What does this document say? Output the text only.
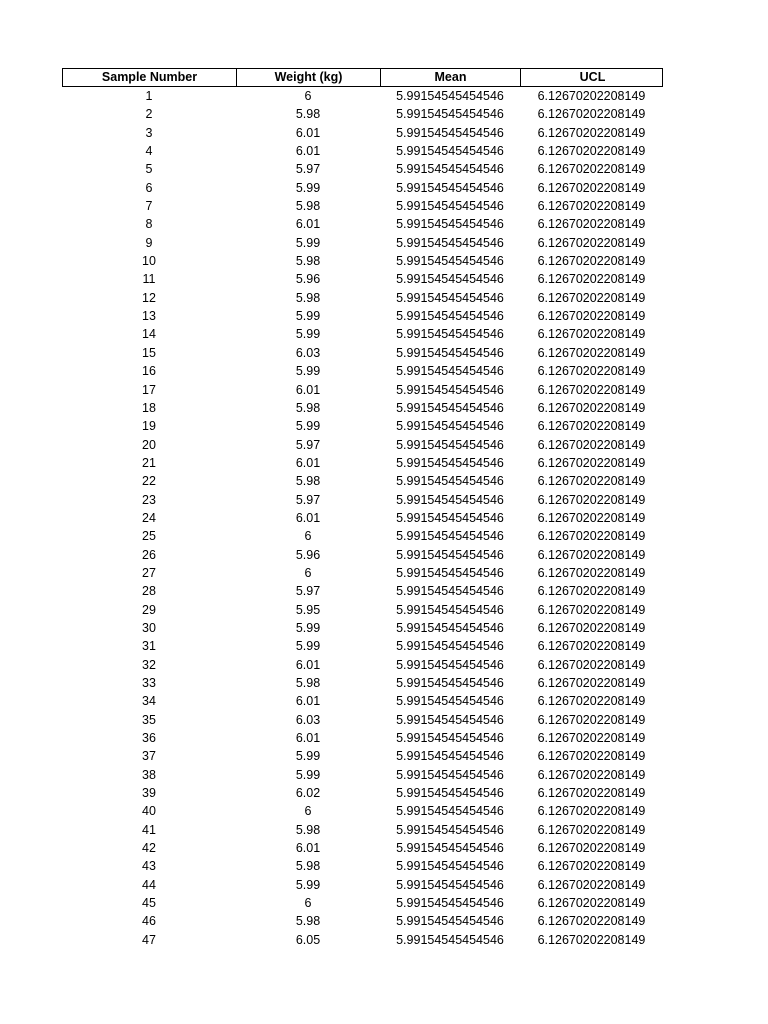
Sample Number	Weight (kg)	Mean	UCL
1	6	5.99154545454546	6.12670202208149
2	5.98	5.99154545454546	6.12670202208149
3	6.01	5.99154545454546	6.12670202208149
4	6.01	5.99154545454546	6.12670202208149
5	5.97	5.99154545454546	6.12670202208149
6	5.99	5.99154545454546	6.12670202208149
7	5.98	5.99154545454546	6.12670202208149
8	6.01	5.99154545454546	6.12670202208149
9	5.99	5.99154545454546	6.12670202208149
10	5.98	5.99154545454546	6.12670202208149
11	5.96	5.99154545454546	6.12670202208149
12	5.98	5.99154545454546	6.12670202208149
13	5.99	5.99154545454546	6.12670202208149
14	5.99	5.99154545454546	6.12670202208149
15	6.03	5.99154545454546	6.12670202208149
16	5.99	5.99154545454546	6.12670202208149
17	6.01	5.99154545454546	6.12670202208149
18	5.98	5.99154545454546	6.12670202208149
19	5.99	5.99154545454546	6.12670202208149
20	5.97	5.99154545454546	6.12670202208149
21	6.01	5.99154545454546	6.12670202208149
22	5.98	5.99154545454546	6.12670202208149
23	5.97	5.99154545454546	6.12670202208149
24	6.01	5.99154545454546	6.12670202208149
25	6	5.99154545454546	6.12670202208149
26	5.96	5.99154545454546	6.12670202208149
27	6	5.99154545454546	6.12670202208149
28	5.97	5.99154545454546	6.12670202208149
29	5.95	5.99154545454546	6.12670202208149
30	5.99	5.99154545454546	6.12670202208149
31	5.99	5.99154545454546	6.12670202208149
32	6.01	5.99154545454546	6.12670202208149
33	5.98	5.99154545454546	6.12670202208149
34	6.01	5.99154545454546	6.12670202208149
35	6.03	5.99154545454546	6.12670202208149
36	6.01	5.99154545454546	6.12670202208149
37	5.99	5.99154545454546	6.12670202208149
38	5.99	5.99154545454546	6.12670202208149
39	6.02	5.99154545454546	6.12670202208149
40	6	5.99154545454546	6.12670202208149
41	5.98	5.99154545454546	6.12670202208149
42	6.01	5.99154545454546	6.12670202208149
43	5.98	5.99154545454546	6.12670202208149
44	5.99	5.99154545454546	6.12670202208149
45	6	5.99154545454546	6.12670202208149
46	5.98	5.99154545454546	6.12670202208149
47	6.05	5.99154545454546	6.12670202208149
